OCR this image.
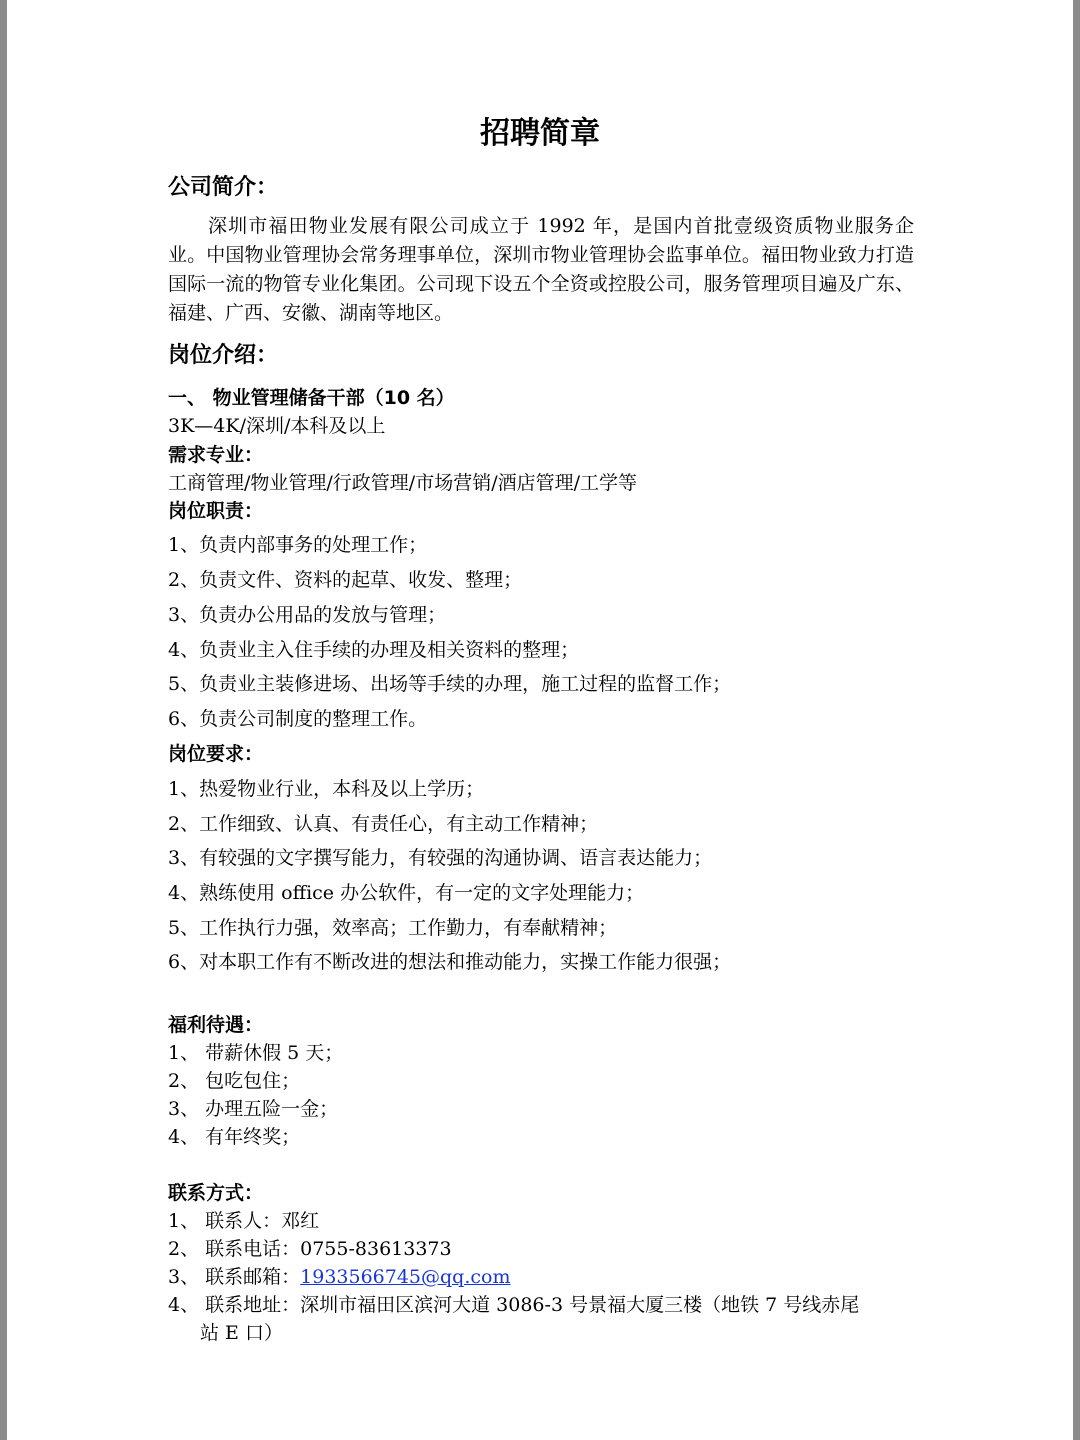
招聘简章
公司简介：
深圳市福田物业发展有限公司成立于 1992 年，是国内首批壹级资质物业服务企业。中国物业管理协会常务理事单位，深圳市物业管理协会监事单位。福田物业致力打造国际一流的物管专业化集团。公司现下设五个全资或控股公司，服务管理项目遍及广东、福建、广西、安徽、湖南等地区。
岗位介绍：
一、 物业管理储备干部（10 名）
3K—4K/深圳/本科及以上
需求专业：
工商管理/物业管理/行政管理/市场营销/酒店管理/工学等
岗位职责：
1、负责内部事务的处理工作；
2、负责文件、资料的起草、收发、整理；
3、负责办公用品的发放与管理；
4、负责业主入住手续的办理及相关资料的整理；
5、负责业主装修进场、出场等手续的办理，施工过程的监督工作；
6、负责公司制度的整理工作。
岗位要求：
1、热爱物业行业，本科及以上学历；
2、工作细致、认真、有责任心，有主动工作精神；
3、有较强的文字撰写能力，有较强的沟通协调、语言表达能力；
4、熟练使用 office 办公软件，有一定的文字处理能力；
5、工作执行力强，效率高；工作勤力，有奉献精神；
6、对本职工作有不断改进的想法和推动能力，实操工作能力很强；
福利待遇：
1、 带薪休假 5 天；
2、 包吃包住；
3、 办理五险一金；
4、 有年终奖；
联系方式：
1、 联系人：邓红
2、 联系电话：0755-83613373
3、 联系邮箱：1933566745@qq.com
4、 联系地址：深圳市福田区滨河大道 3086-3 号景福大厦三楼（地铁 7 号线赤尾
站 E 口）
